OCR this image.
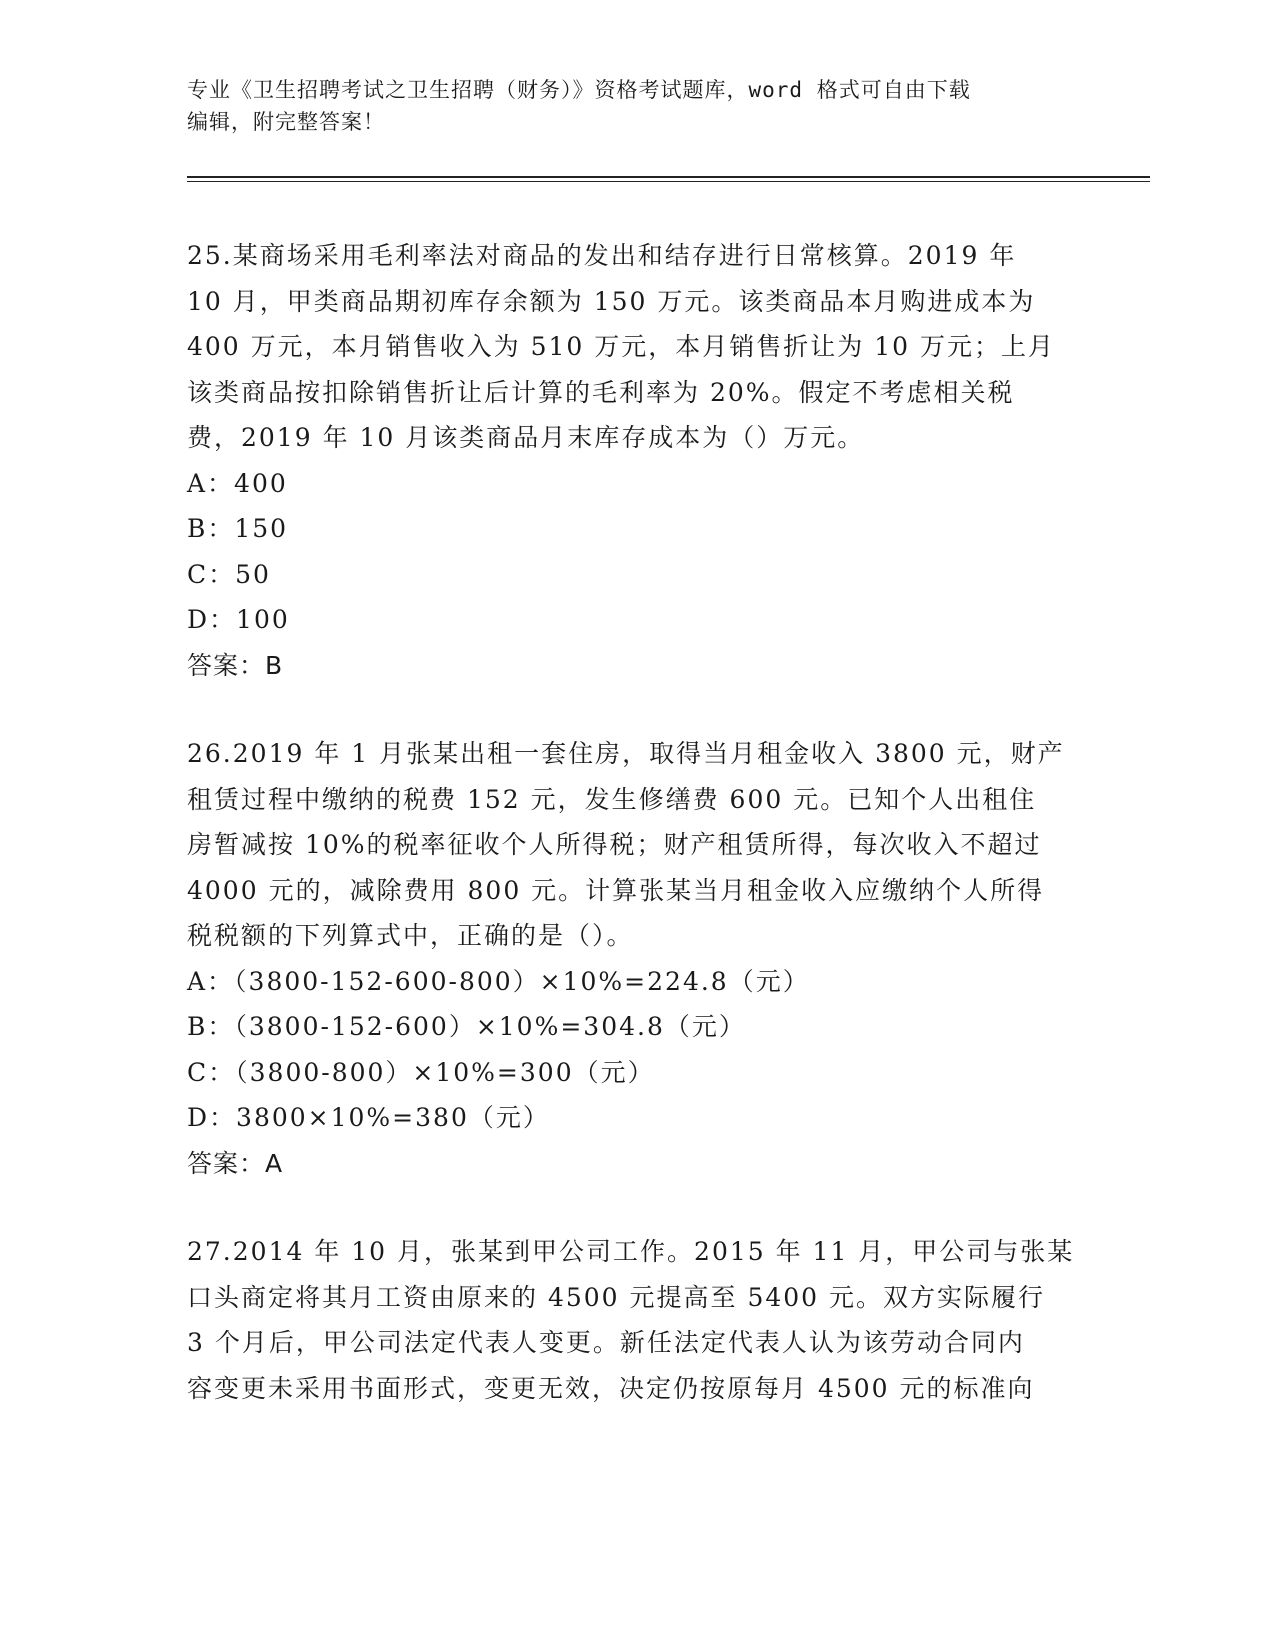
专业《卫生招聘考试之卫生招聘（财务）》资格考试题库，word 格式可自由下载
编辑，附完整答案！

25.某商场采用毛利率法对商品的发出和结存进行日常核算。2019 年

10 月，甲类商品期初库存余额为 150 万元。该类商品本月购进成本为

400 万元，本月销售收入为 510 万元，本月销售折让为 10 万元；上月

该类商品按扣除销售折让后计算的毛利率为 20%。假定不考虑相关税

费，2019 年 10 月该类商品月末库存成本为（）万元。

A：400

B：150

C：50

D：100

答案：B

26.2019 年 1 月张某出租一套住房，取得当月租金收入 3800 元，财产

租赁过程中缴纳的税费 152 元，发生修缮费 600 元。已知个人出租住

房暂减按 10%的税率征收个人所得税；财产租赁所得，每次收入不超过

4000 元的，减除费用 800 元。计算张某当月租金收入应缴纳个人所得

税税额的下列算式中，正确的是（）。

A：（3800-152-600-800）×10%=224.8（元）

B：（3800-152-600）×10%=304.8（元）

C：（3800-800）×10%=300（元）

D：3800×10%=380（元）

答案：A

27.2014 年 10 月，张某到甲公司工作。2015 年 11 月，甲公司与张某

口头商定将其月工资由原来的 4500 元提高至 5400 元。双方实际履行

3 个月后，甲公司法定代表人变更。新任法定代表人认为该劳动合同内

容变更未采用书面形式，变更无效，决定仍按原每月 4500 元的标准向
